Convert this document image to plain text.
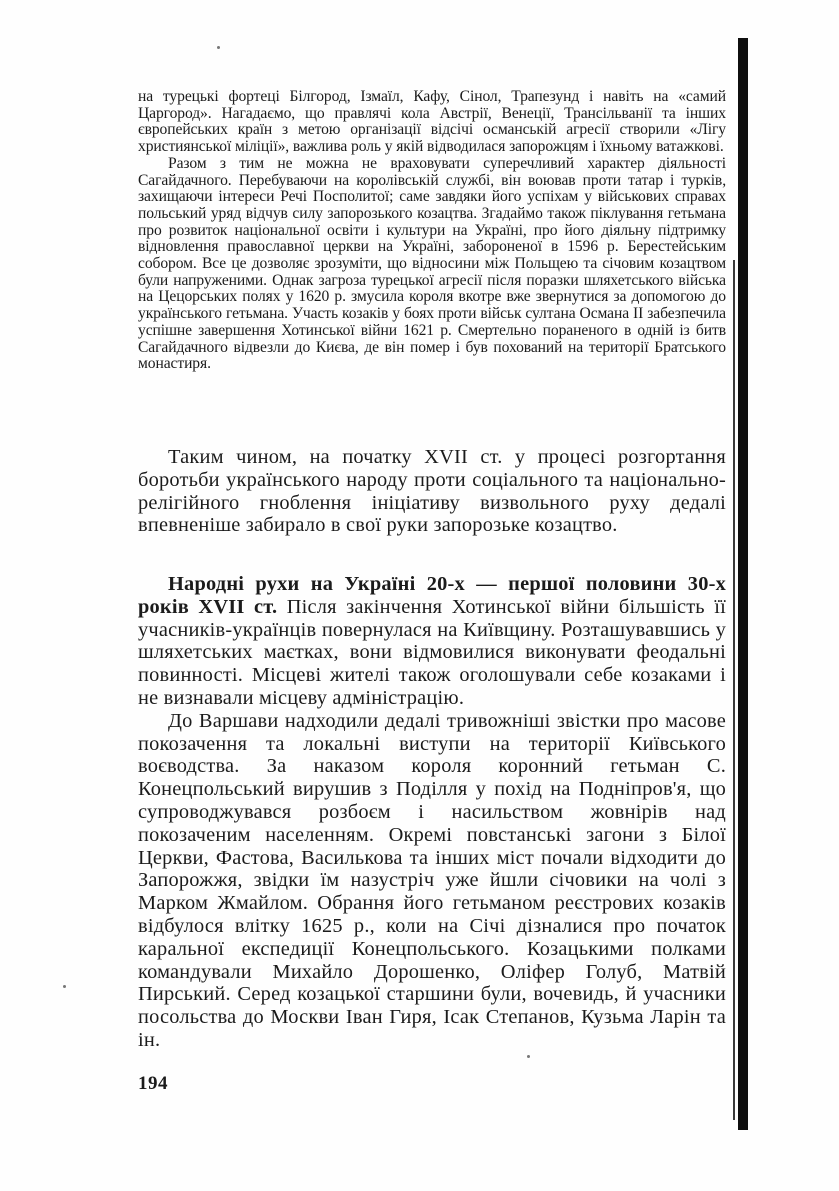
на турецькі фортеці Білгород, Ізмаїл, Кафу, Сінол, Трапезунд і навіть на «самий Царгород». Нагадаємо, що правлячі кола Австрії, Венеції, Трансільванії та інших європейських країн з метою організації відсічі османській агресії створили «Лігу християнської міліції», важлива роль у якій відводилася запорожцям і їхньому ватажкові.

Разом з тим не можна не враховувати суперечливий характер діяльності Сагайдачного. Перебуваючи на королівській службі, він воював проти татар і турків, захищаючи інтереси Речі Посполитої; саме завдяки його успіхам у військових справах польський уряд відчув силу запорозького козацтва. Згадаймо також піклування гетьмана про розвиток національної освіти і культури на Україні, про його діяльну підтримку відновлення православної церкви на Україні, забороненої в 1596 р. Берестейським собором. Все це дозволяє зрозуміти, що відносини між Польщею та січовим козацтвом були напруженими. Однак загроза турецької агресії після поразки шляхетського війська на Цецорських полях у 1620 р. змусила короля вкотре вже звернутися за допомогою до українського гетьмана. Участь козаків у боях проти військ султана Османа II забезпечила успішне завершення Хотинської війни 1621 р. Смертельно пораненого в одній із битв Сагайдачного відвезли до Києва, де він помер і був похований на території Братського монастиря.

Таким чином, на початку XVII ст. у процесі розгортання боротьби українського народу проти соціального та національно-релігійного гноблення ініціативу визвольного руху дедалі впевненіше забирало в свої руки запорозьке козацтво.

Народні рухи на Україні 20-х — першої половини 30-х років XVII ст. Після закінчення Хотинської війни більшість її учасників-українців повернулася на Київщину. Розташувавшись у шляхетських маєтках, вони відмовилися виконувати феодальні повинності. Місцеві жителі також оголошували себе козаками і не визнавали місцеву адміністрацію.

До Варшави надходили дедалі тривожніші звістки про масове покозачення та локальні виступи на території Київського воєводства. За наказом короля коронний гетьман С. Конецпольський вирушив з Поділля у похід на Подніпров'я, що супроводжувався розбоєм і насильством жовнірів над покозаченим населенням. Окремі повстанські загони з Білої Церкви, Фастова, Василькова та інших міст почали відходити до Запорожжя, звідки їм назустріч уже йшли січовики на чолі з Марком Жмайлом. Обрання його гетьманом реєстрових козаків відбулося влітку 1625 р., коли на Січі дізналися про початок каральної експедиції Конецпольського. Козацькими полками командували Михайло Дорошенко, Оліфер Голуб, Матвій Пирський. Серед козацької старшини були, вочевидь, й учасники посольства до Москви Іван Гиря, Ісак Степанов, Кузьма Ларін та ін.

194
